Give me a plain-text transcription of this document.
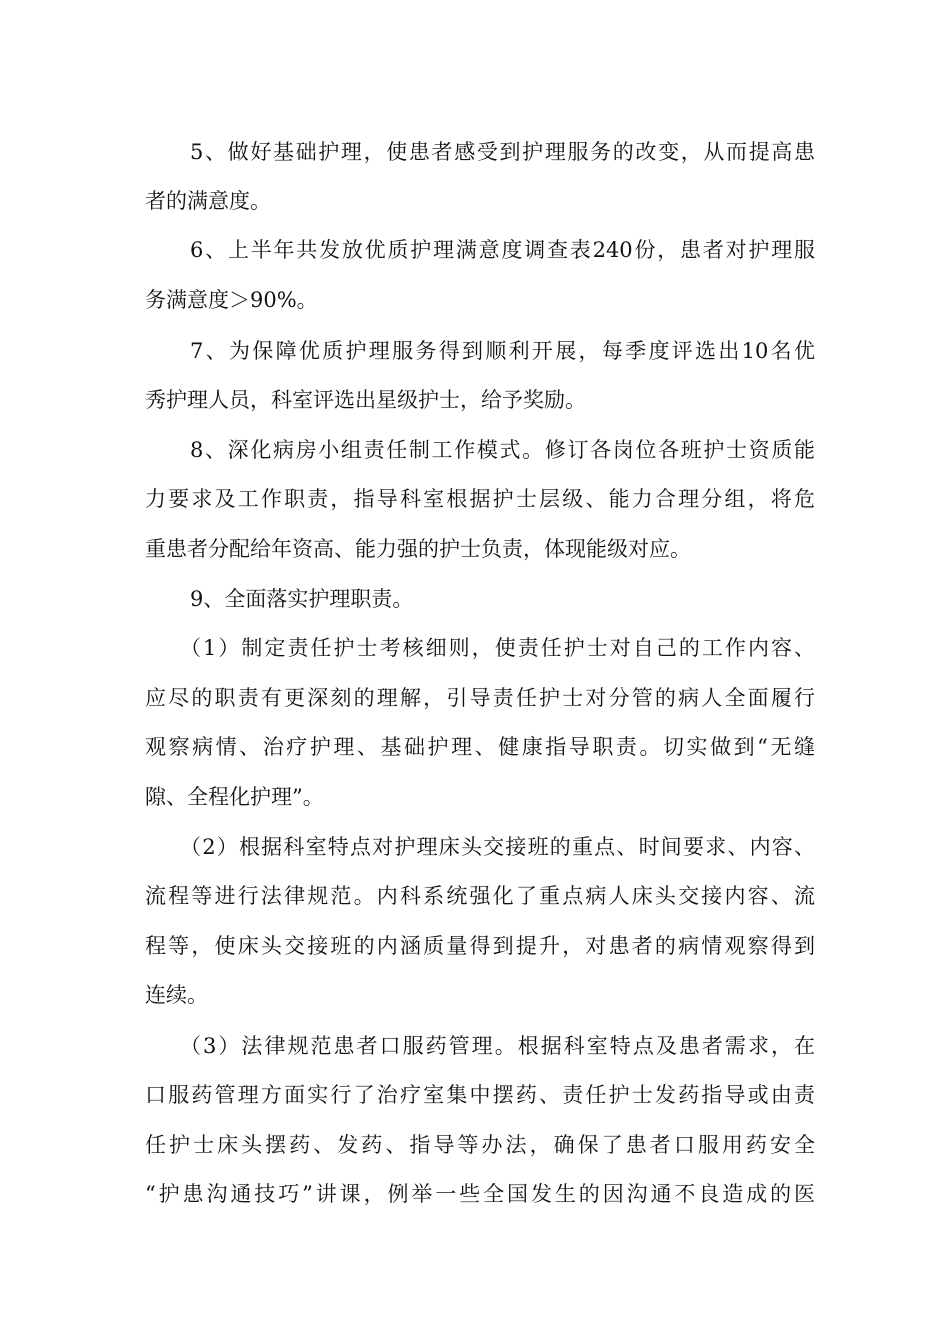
5、做好基础护理，使患者感受到护理服务的改变，从而提高患
者的满意度。
6、上半年共发放优质护理满意度调查表240份，患者对护理服
务满意度＞90%。
7、为保障优质护理服务得到顺利开展，每季度评选出10名优
秀护理人员，科室评选出星级护士，给予奖励。
8、深化病房小组责任制工作模式。修订各岗位各班护士资质能
力要求及工作职责，指导科室根据护士层级、能力合理分组，将危
重患者分配给年资高、能力强的护士负责，体现能级对应。
9、全面落实护理职责。
（1）制定责任护士考核细则，使责任护士对自己的工作内容、
应尽的职责有更深刻的理解，引导责任护士对分管的病人全面履行
观察病情、治疗护理、基础护理、健康指导职责。切实做到“无缝
隙、全程化护理”。
（2）根据科室特点对护理床头交接班的重点、时间要求、内容、
流程等进行法律规范。内科系统强化了重点病人床头交接内容、流
程等，使床头交接班的内涵质量得到提升，对患者的病情观察得到
连续。
（3）法律规范患者口服药管理。根据科室特点及患者需求，在
口服药管理方面实行了治疗室集中摆药、责任护士发药指导或由责
任护士床头摆药、发药、指导等办法，确保了患者口服用药安全
“护患沟通技巧”讲课，例举一些全国发生的因沟通不良造成的医
